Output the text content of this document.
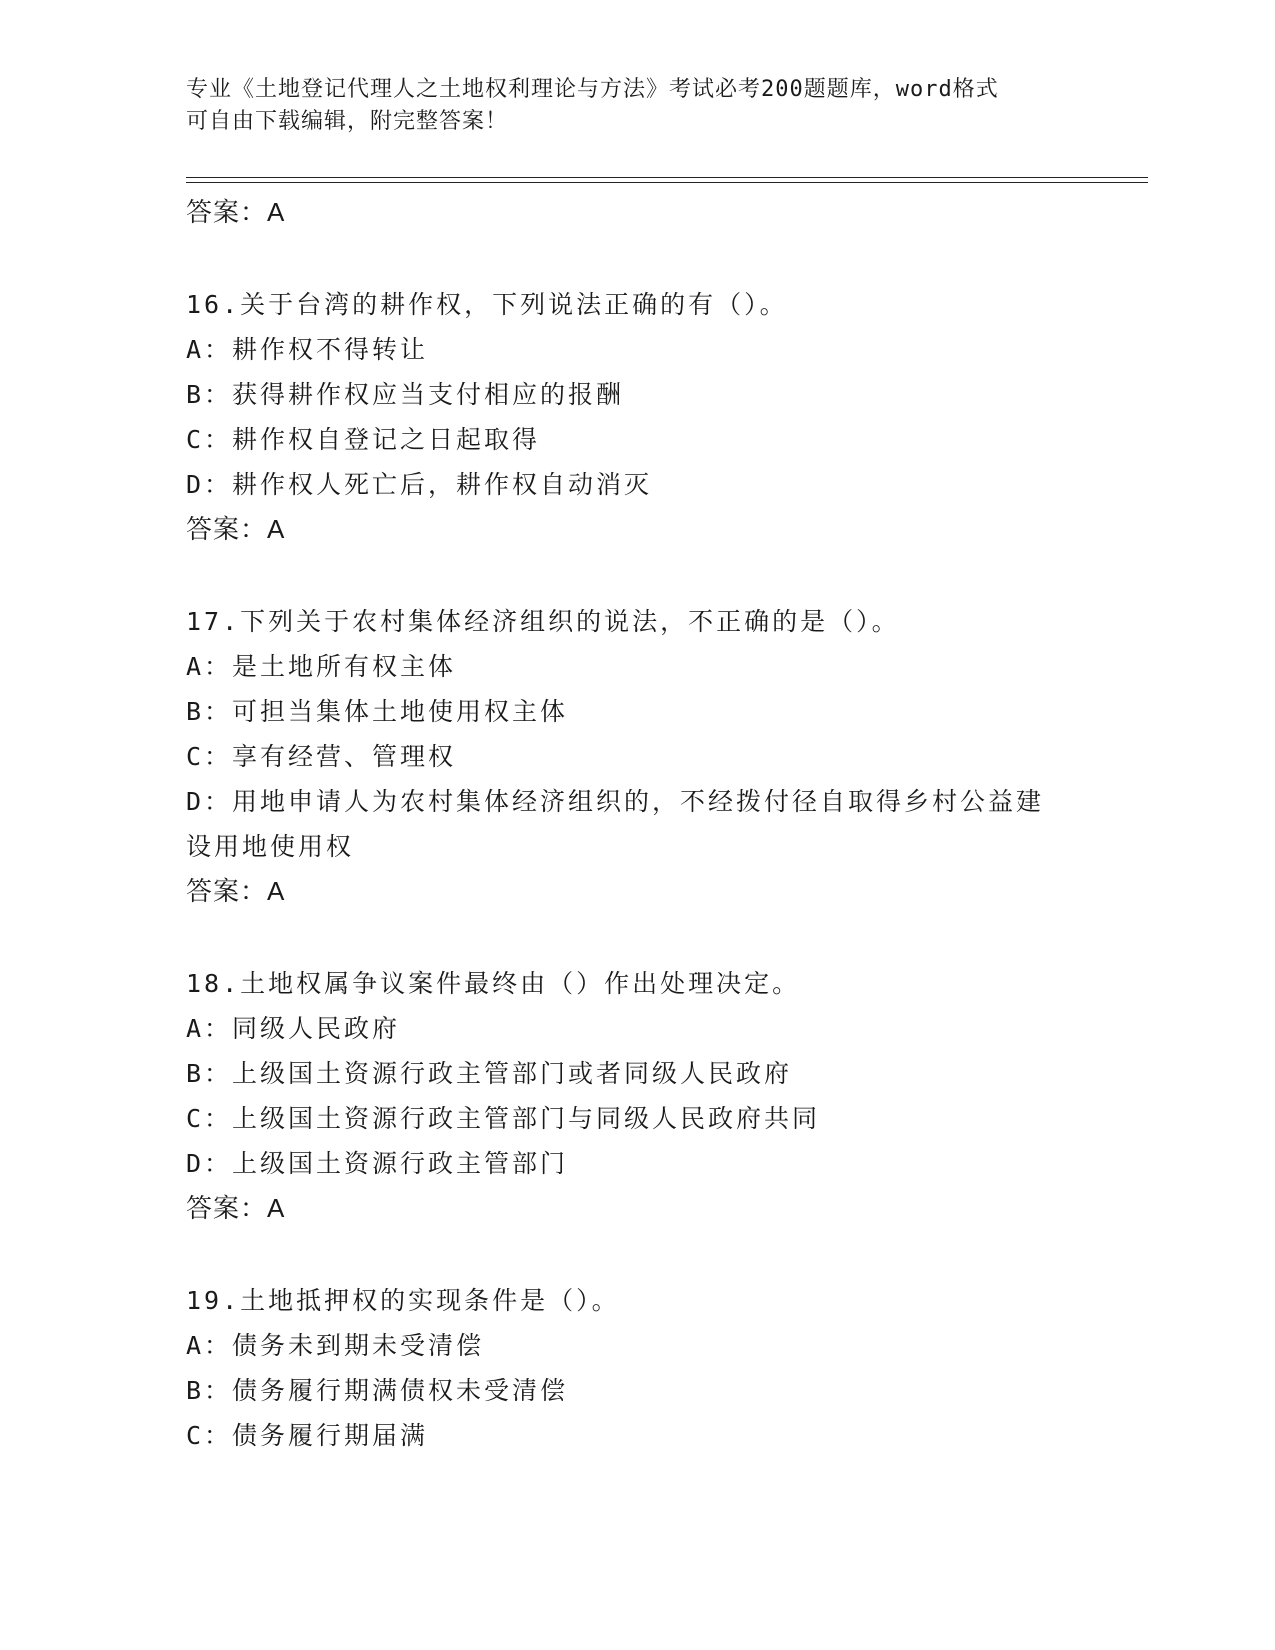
专业《土地登记代理人之土地权利理论与方法》考试必考200题题库，word格式
可自由下载编辑，附完整答案！
答案：A
16.关于台湾的耕作权，下列说法正确的有（）。
A：耕作权不得转让
B：获得耕作权应当支付相应的报酬
C：耕作权自登记之日起取得
D：耕作权人死亡后，耕作权自动消灭
答案：A
17.下列关于农村集体经济组织的说法，不正确的是（）。
A：是土地所有权主体
B：可担当集体土地使用权主体
C：享有经营、管理权
D：用地申请人为农村集体经济组织的，不经拨付径自取得乡村公益建
设用地使用权
答案：A
18.土地权属争议案件最终由（）作出处理决定。
A：同级人民政府
B：上级国土资源行政主管部门或者同级人民政府
C：上级国土资源行政主管部门与同级人民政府共同
D：上级国土资源行政主管部门
答案：A
19.土地抵押权的实现条件是（）。
A：债务未到期未受清偿
B：债务履行期满债权未受清偿
C：债务履行期届满
